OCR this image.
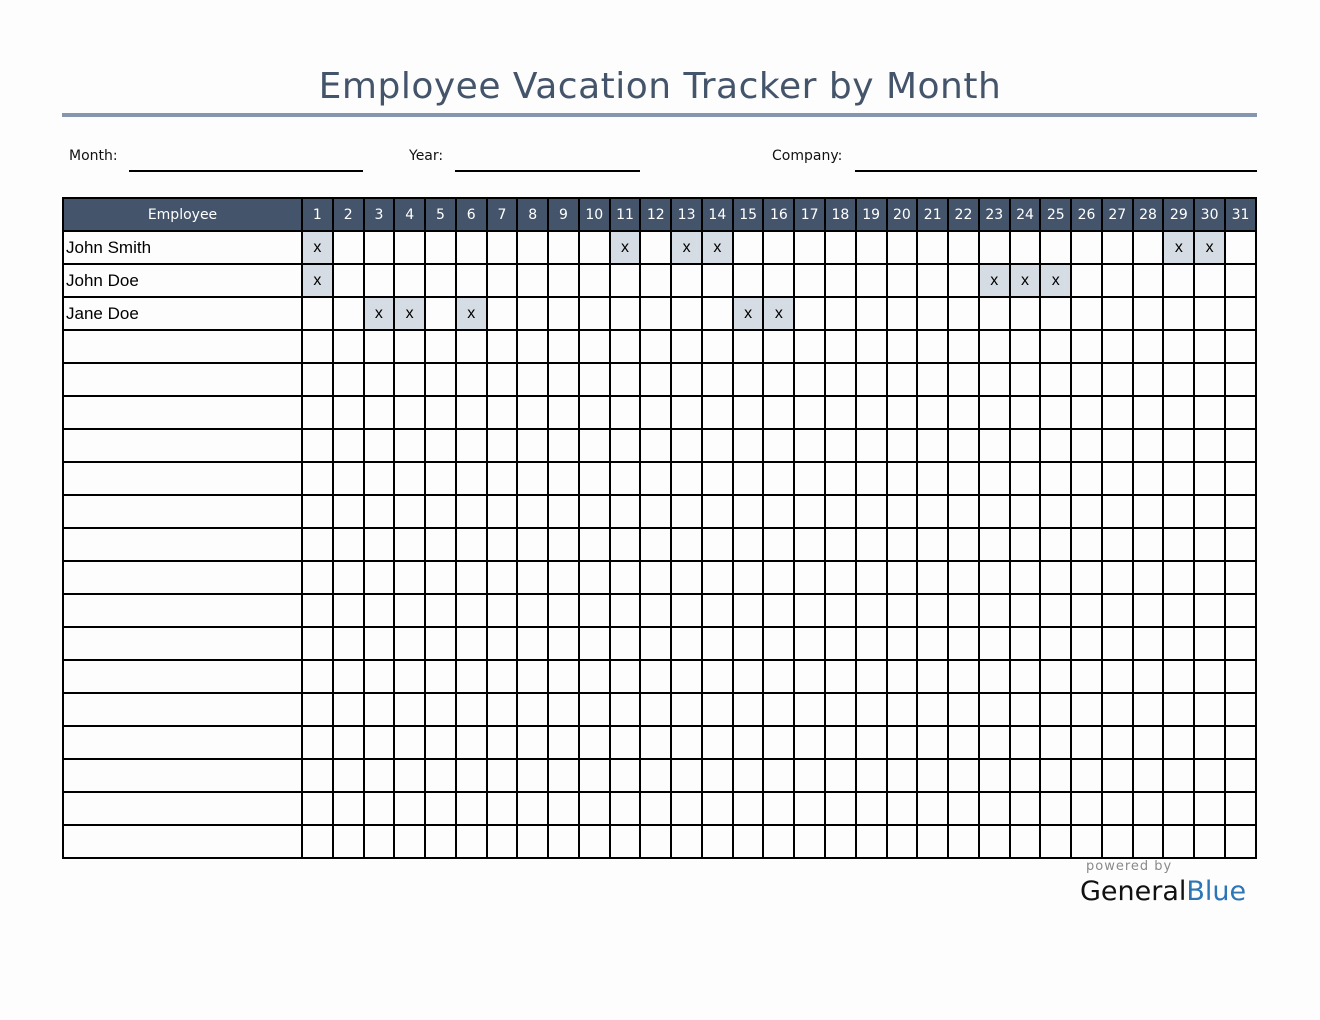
Employee Vacation Tracker by Month
Month:	Year:	Company:
Employee	1	2	3	4	5	6	7	8	9	10	11	12	13	14	15	16	17	18	19	20	21	22	23	24	25	26	27	28	29	30	31
John Smith	x										x		x	x															x	x	
John Doe	x																						x	x	x						
Jane Doe			x	x		x									x	x															

powered by
GeneralBlue
